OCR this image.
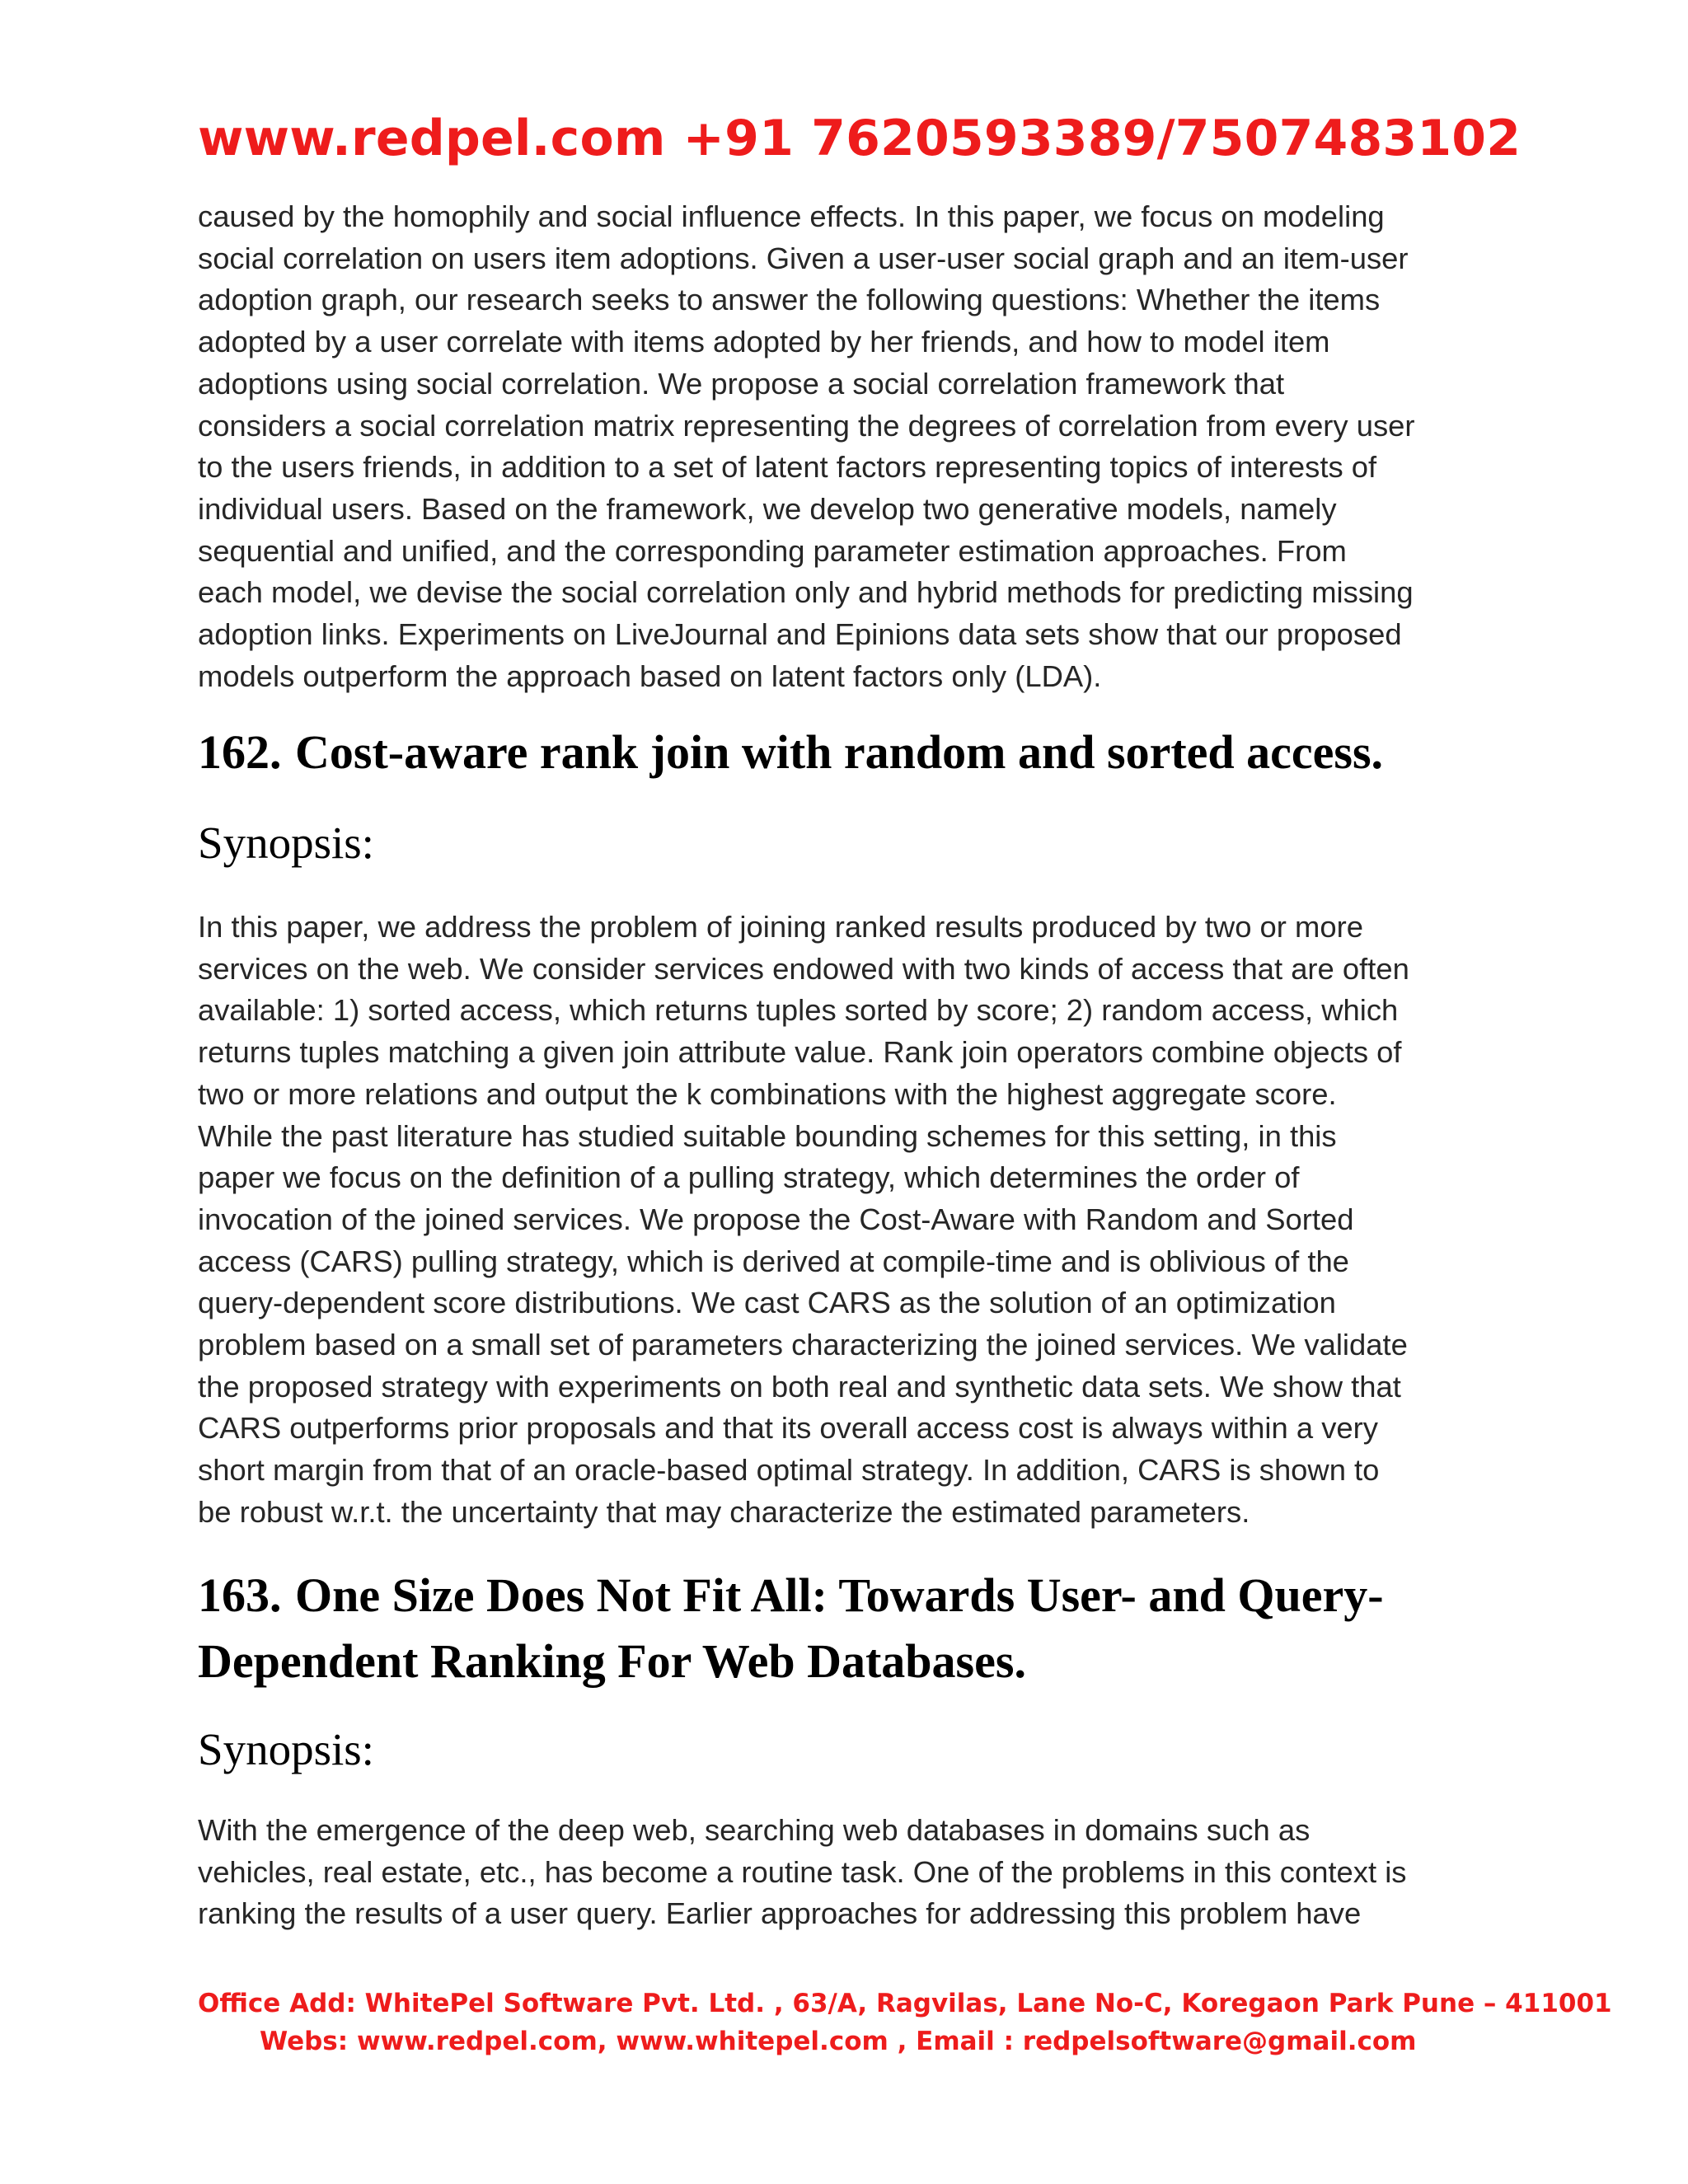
www.redpel.com +91 7620593389/7507483102
caused by the homophily and social influence effects. In this paper, we focus on modeling
social correlation on users item adoptions. Given a user-user social graph and an item-user
adoption graph, our research seeks to answer the following questions: Whether the items
adopted by a user correlate with items adopted by her friends, and how to model item
adoptions using social correlation. We propose a social correlation framework that
considers a social correlation matrix representing the degrees of correlation from every user
to the users friends, in addition to a set of latent factors representing topics of interests of
individual users. Based on the framework, we develop two generative models, namely
sequential and unified, and the corresponding parameter estimation approaches. From
each model, we devise the social correlation only and hybrid methods for predicting missing
adoption links. Experiments on LiveJournal and Epinions data sets show that our proposed
models outperform the approach based on latent factors only (LDA).
162. Cost-aware rank join with random and sorted access.
Synopsis:
In this paper, we address the problem of joining ranked results produced by two or more
services on the web. We consider services endowed with two kinds of access that are often
available: 1) sorted access, which returns tuples sorted by score; 2) random access, which
returns tuples matching a given join attribute value. Rank join operators combine objects of
two or more relations and output the k combinations with the highest aggregate score.
While the past literature has studied suitable bounding schemes for this setting, in this
paper we focus on the definition of a pulling strategy, which determines the order of
invocation of the joined services. We propose the Cost-Aware with Random and Sorted
access (CARS) pulling strategy, which is derived at compile-time and is oblivious of the
query-dependent score distributions. We cast CARS as the solution of an optimization
problem based on a small set of parameters characterizing the joined services. We validate
the proposed strategy with experiments on both real and synthetic data sets. We show that
CARS outperforms prior proposals and that its overall access cost is always within a very
short margin from that of an oracle-based optimal strategy. In addition, CARS is shown to
be robust w.r.t. the uncertainty that may characterize the estimated parameters.
163. One Size Does Not Fit All: Towards User- and Query-
Dependent Ranking For Web Databases.
Synopsis:
With the emergence of the deep web, searching web databases in domains such as
vehicles, real estate, etc., has become a routine task. One of the problems in this context is
ranking the results of a user query. Earlier approaches for addressing this problem have
Office Add: WhitePel Software Pvt. Ltd. , 63/A, Ragvilas, Lane No-C, Koregaon Park Pune – 411001
Webs: www.redpel.com, www.whitepel.com , Email : redpelsoftware@gmail.com
